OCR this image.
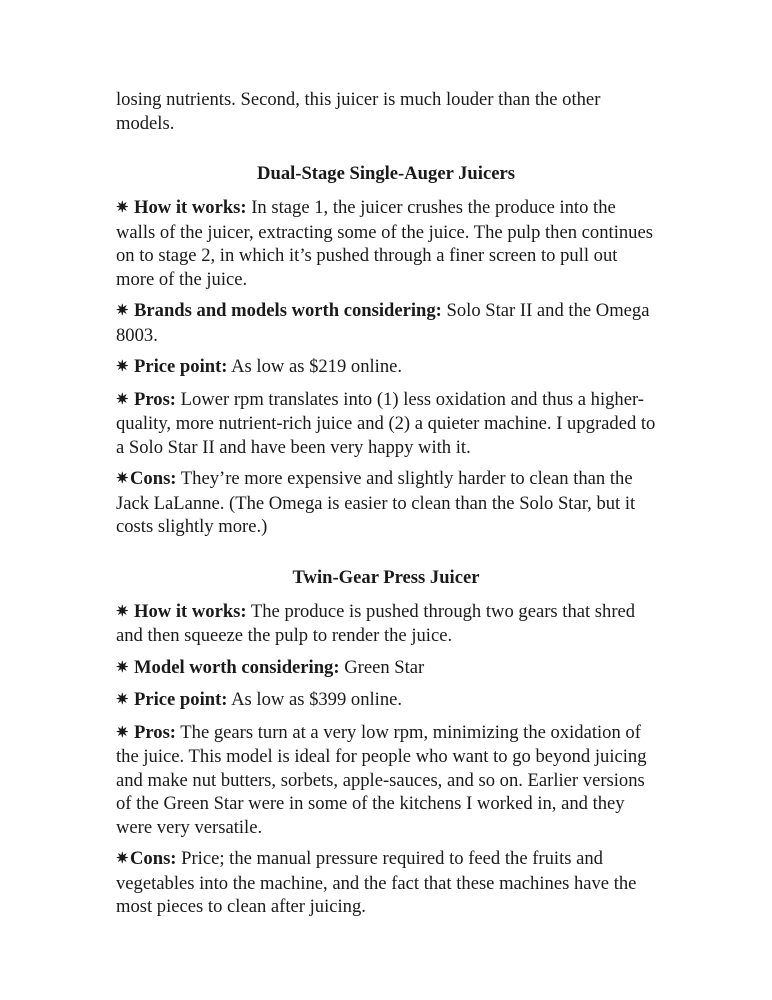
losing nutrients. Second, this juicer is much louder than the other models.

Dual-Stage Single-Auger Juicers

✷ How it works: In stage 1, the juicer crushes the produce into the walls of the juicer, extracting some of the juice. The pulp then continues on to stage 2, in which it’s pushed through a finer screen to pull out more of the juice.

✷ Brands and models worth considering: Solo Star II and the Omega 8003.

✷ Price point: As low as $219 online.

✷ Pros: Lower rpm translates into (1) less oxidation and thus a higher-quality, more nutrient-rich juice and (2) a quieter machine. I upgraded to a Solo Star II and have been very happy with it.

✷Cons: They’re more expensive and slightly harder to clean than the Jack LaLanne. (The Omega is easier to clean than the Solo Star, but it costs slightly more.)

Twin-Gear Press Juicer

✷ How it works: The produce is pushed through two gears that shred and then squeeze the pulp to render the juice.

✷ Model worth considering: Green Star

✷ Price point: As low as $399 online.

✷ Pros: The gears turn at a very low rpm, minimizing the oxidation of the juice. This model is ideal for people who want to go beyond juicing and make nut butters, sorbets, apple-sauces, and so on. Earlier versions of the Green Star were in some of the kitchens I worked in, and they were very versatile.

✷Cons: Price; the manual pressure required to feed the fruits and vegetables into the machine, and the fact that these machines have the most pieces to clean after juicing.
